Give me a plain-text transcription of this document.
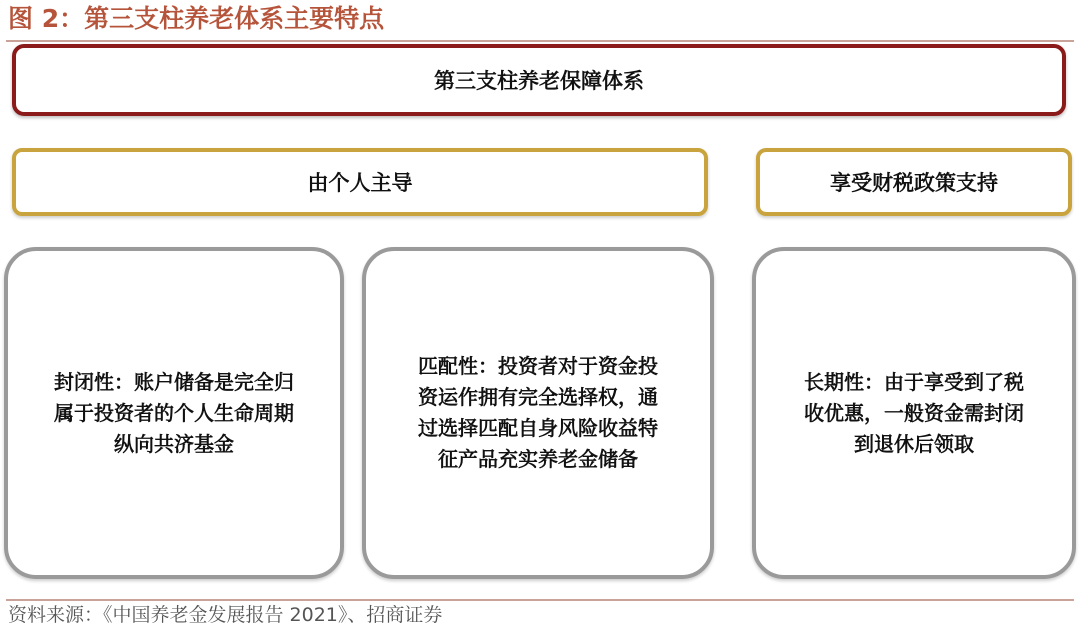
图 2：第三支柱养老体系主要特点
第三支柱养老保障体系
由个人主导	享受财税政策支持
封闭性：账户储备是完全归
属于投资者的个人生命周期
纵向共济基金
匹配性：投资者对于资金投
资运作拥有完全选择权，通
过选择匹配自身风险收益特
征产品充实养老金储备
长期性：由于享受到了税
收优惠，一般资金需封闭
到退休后领取
资料来源：《中国养老金发展报告 2021》、招商证券
